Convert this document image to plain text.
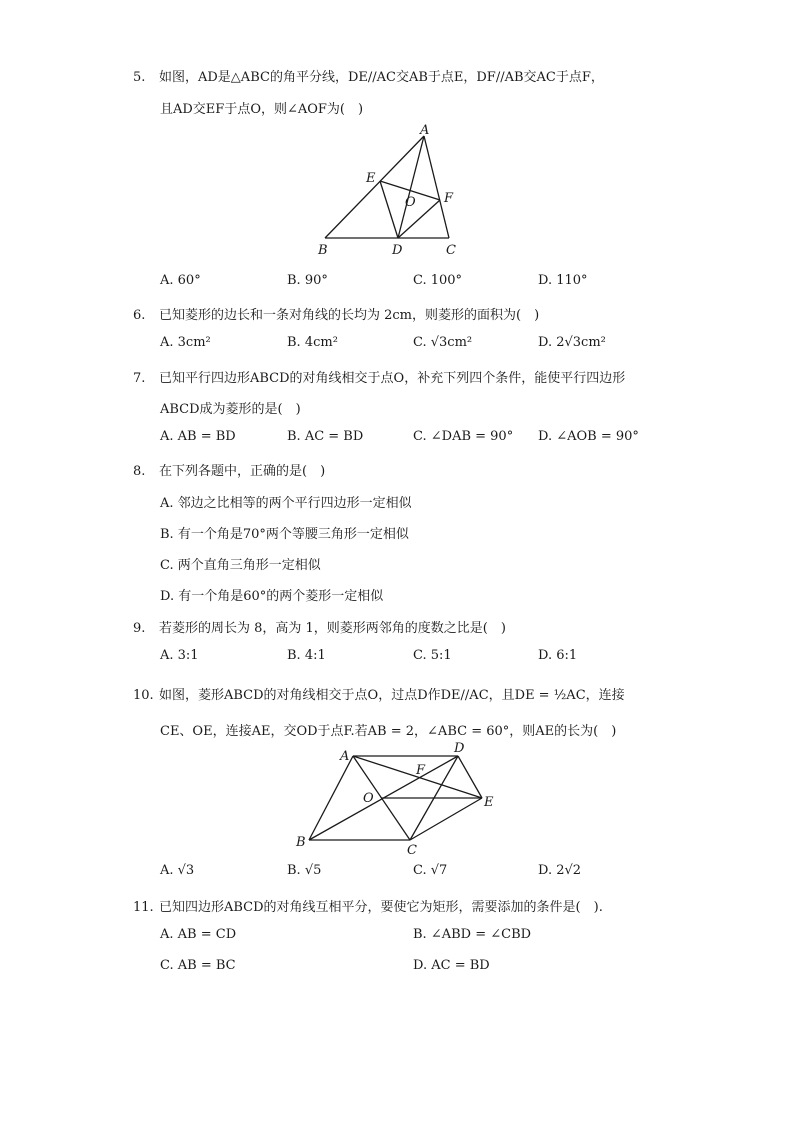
5. 如图，AD是△ABC的角平分线，DE//AC交AB于点E，DF//AB交AC于点F，
且AD交EF于点O，则∠AOF为(　)
A
E
O F
B	D	C
A. 60°	B. 90°	C. 100°	D. 110°
6. 已知菱形的边长和一条对角线的长均为 2cm，则菱形的面积为(　)
A. 3cm²	B. 4cm²	C. √3cm²	D. 2√3cm²
7. 已知平行四边形ABCD的对角线相交于点O，补充下列四个条件，能使平行四边形
ABCD成为菱形的是(　)
A. AB = BD	B. AC = BD	C. ∠DAB = 90° D. ∠AOB = 90°
8. 在下列各题中，正确的是(　)
A. 邻边之比相等的两个平行四边形一定相似
B. 有一个角是70°两个等腰三角形一定相似
C. 两个直角三角形一定相似
D. 有一个角是60°的两个菱形一定相似
9. 若菱形的周长为 8，高为 1，则菱形两邻角的度数之比是(　)
A. 3:1	B. 4:1	C. 5:1	D. 6:1
10. 如图，菱形ABCD的对角线相交于点O，过点D作DE//AC，且DE = ½AC，连接
CE、OE，连接AE，交OD于点F.若AB = 2，∠ABC = 60°，则AE的长为(　)
A
D
F
O	E
B
C
A. √3	B. √5	C. √7	D. 2√2
11. 已知四边形ABCD的对角线互相平分，要使它为矩形，需要添加的条件是(　).
A. AB = CD	B. ∠ABD = ∠CBD
C. AB = BC	D. AC = BD
